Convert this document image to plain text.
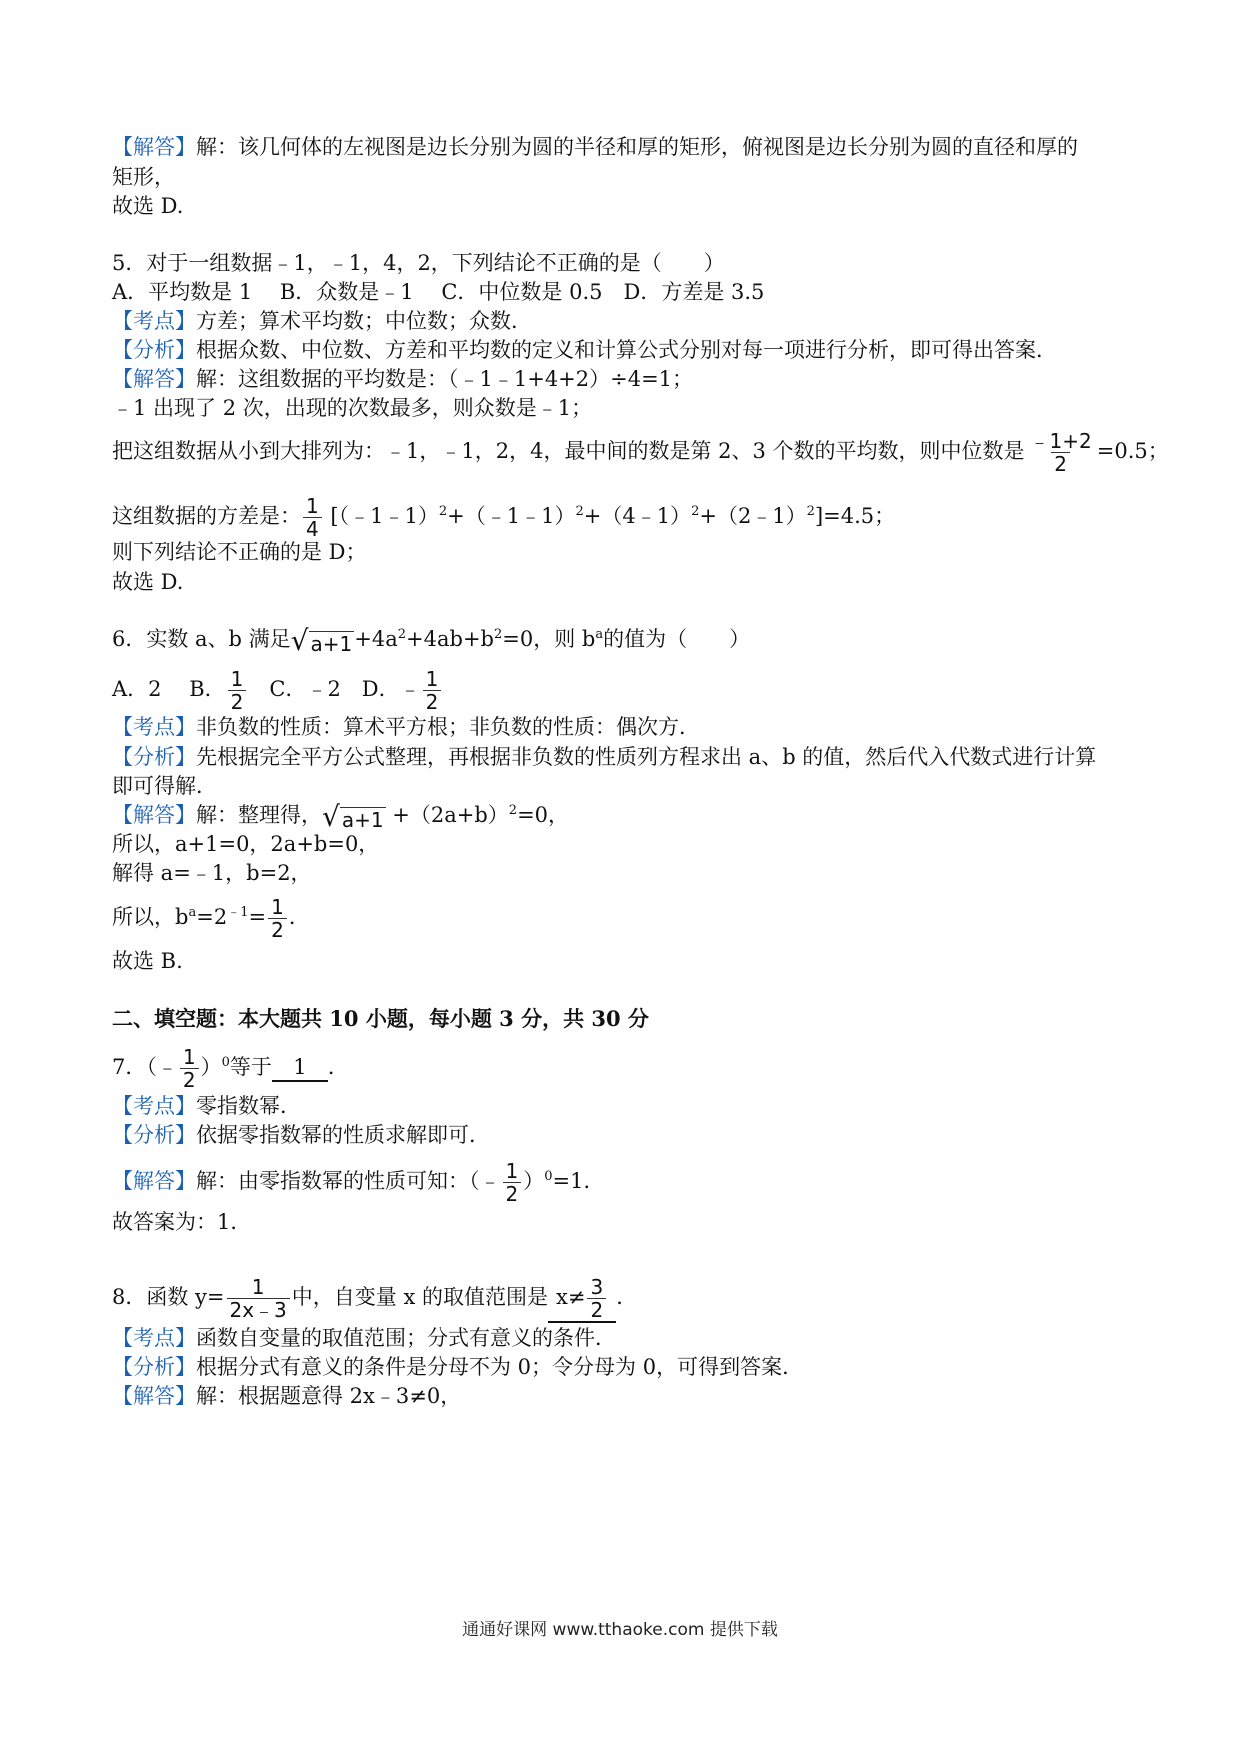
【解答】解：该几何体的左视图是边长分别为圆的半径和厚的矩形，俯视图是边长分别为圆的直径和厚的
矩形，
故选 D.
5．对于一组数据﹣1，﹣1，4，2，下列结论不正确的是（　　）
A．平均数是 1　 B．众数是﹣1　 C．中位数是 0.5　D．方差是 3.5
【考点】方差；算术平均数；中位数；众数．
【分析】根据众数、中位数、方差和平均数的定义和计算公式分别对每一项进行分析，即可得出答案．
【解答】解：这组数据的平均数是：（﹣1﹣1+4+2）÷4=1；
﹣1 出现了 2 次，出现的次数最多，则众数是﹣1；
把这组数据从小到大排列为：﹣1，﹣1，2，4，最中间的数是第 2、3 个数的平均数，则中位数是 $\frac{﹣1+2}{2} =0.5$；
这组数据的方差是： $\frac{1}{4}$ [（﹣1﹣1）$^2$+（﹣1﹣1）$^2$+（4﹣1）$^2$+（2﹣1）$^2$]=4.5；
则下列结论不正确的是 D；
故选 D.
6．实数 a、b 满足 √ $a+1 +4a^2+4ab+b^2=0$，则 $b^a$的值为（　　）
A．2　 B． $\frac{1}{2}$ 　C．﹣2　D．﹣ $\frac{1}{2}$
【考点】非负数的性质：算术平方根；非负数的性质：偶次方．
【分析】先根据完全平方公式整理，再根据非负数的性质列方程求出 a、b 的值，然后代入代数式进行计算
即可得解．
【解答】解：整理得， √ $a+1 +(2a+b)^2=0$，
所以，a+1=0，2a+b=0，
解得 a=﹣1，b=2，
所以，$b^a=2^{﹣1}= \frac{1}{2}$ ．
故选 B.
二、填空题：本大题共 10 小题，每小题 3 分，共 30 分
7．（﹣ $\frac{1}{2} )^0$等于 1 ．
【考点】零指数幂．
【分析】依据零指数幂的性质求解即可．
【解答】解：由零指数幂的性质可知：（﹣ $\frac{1}{2} )^0=1$．
故答案为：1．
8．函数 $y= \frac{1}{2x﹣3}$ 中，自变量 x 的取值范围是 $x\ne \frac{3}{2}$ ．
【考点】函数自变量的取值范围；分式有意义的条件．
【分析】根据分式有意义的条件是分母不为 0；令分母为 0，可得到答案．
【解答】解：根据题意得 2x﹣3≠0，
通通好课网 www.tthaoke.com 提供下载
